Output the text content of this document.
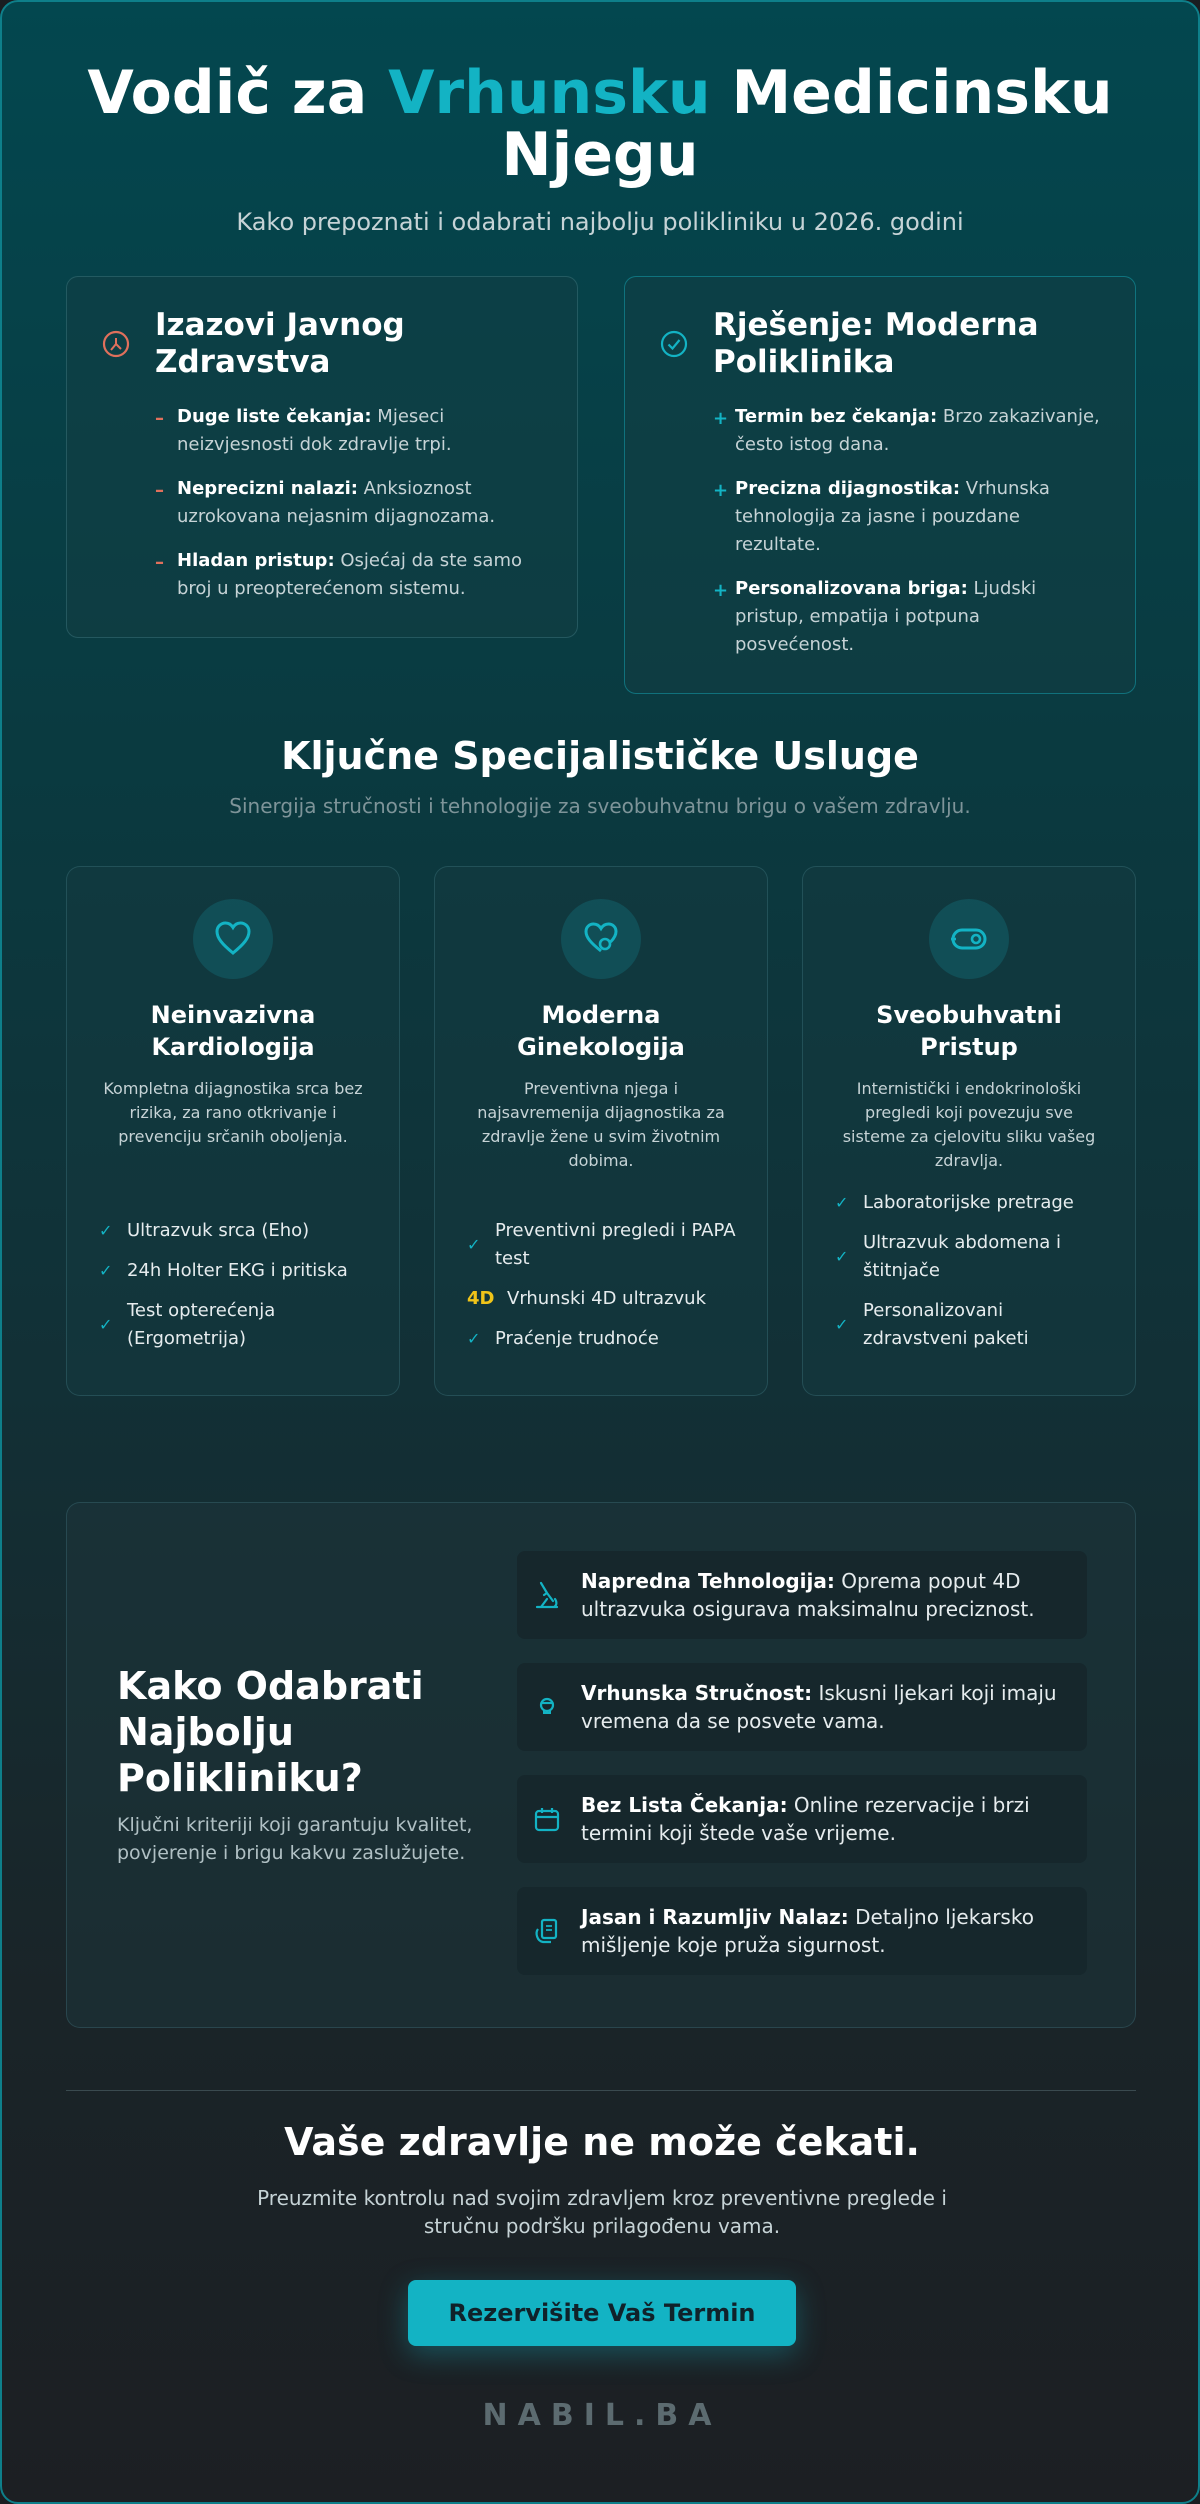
Vodič za Vrhunsku Medicinsku Njegu

Kako prepoznati i odabrati najbolju polikliniku u 2026. godini

Izazovi Javnog Zdravstva
– Duge liste čekanja: Mjeseci neizvjesnosti dok zdravlje trpi.
– Neprecizni nalazi: Anksioznost uzrokovana nejasnim dijagnozama.
– Hladan pristup: Osjećaj da ste samo broj u preopterećenom sistemu.
Rješenje: Moderna Poliklinika
+ Termin bez čekanja: Brzo zakazivanje, često istog dana.
+ Precizna dijagnostika: Vrhunska tehnologija za jasne i pouzdane rezultate.
+ Personalizovana briga: Ljudski pristup, empatija i potpuna posvećenost.
Ključne Specijalističke Usluge

Sinergija stručnosti i tehnologije za sveobuhvatnu brigu o vašem zdravlju.

Neinvazivna Kardiologija

Kompletna dijagnostika srca bez rizika, za rano otkrivanje i prevenciju srčanih oboljenja.

✓ Ultrazvuk srca (Eho)
✓ 24h Holter EKG i pritiska
✓
Test opterećenja (Ergometrija)
Moderna Ginekologija

Preventivna njega i najsavremenija dijagnostika za zdravlje žene u svim životnim dobima.

✓
Preventivni pregledi i PAPA test
4D Vrhunski 4D ultrazvuk
✓ Praćenje trudnoće
Sveobuhvatni Pristup

Internistički i endokrinološki pregledi koji povezuju sve sisteme za cjelovitu sliku vašeg zdravlja.

✓ Laboratorijske pretrage
✓
Ultrazvuk abdomena i štitnjače
✓
Personalizovani zdravstveni paketi
Kako Odabrati Najbolju Polikliniku?
Ključni kriteriji koji garantuju kvalitet, povjerenje i brigu kakvu zaslužujete.
Napredna Tehnologija: Oprema poput 4D ultrazvuka osigurava maksimalnu preciznost.
Vrhunska Stručnost: Iskusni ljekari koji imaju vremena da se posvete vama.
Bez Lista Čekanja: Online rezervacije i brzi termini koji štede vaše vrijeme.
Jasan i Razumljiv Nalaz: Detaljno ljekarsko mišljenje koje pruža sigurnost.
Vaše zdravlje ne može čekati.

Preuzmite kontrolu nad svojim zdravljem kroz preventivne preglede i stručnu podršku prilagođenu vama.

Rezervišite Vaš Termin
NABIL.BA
